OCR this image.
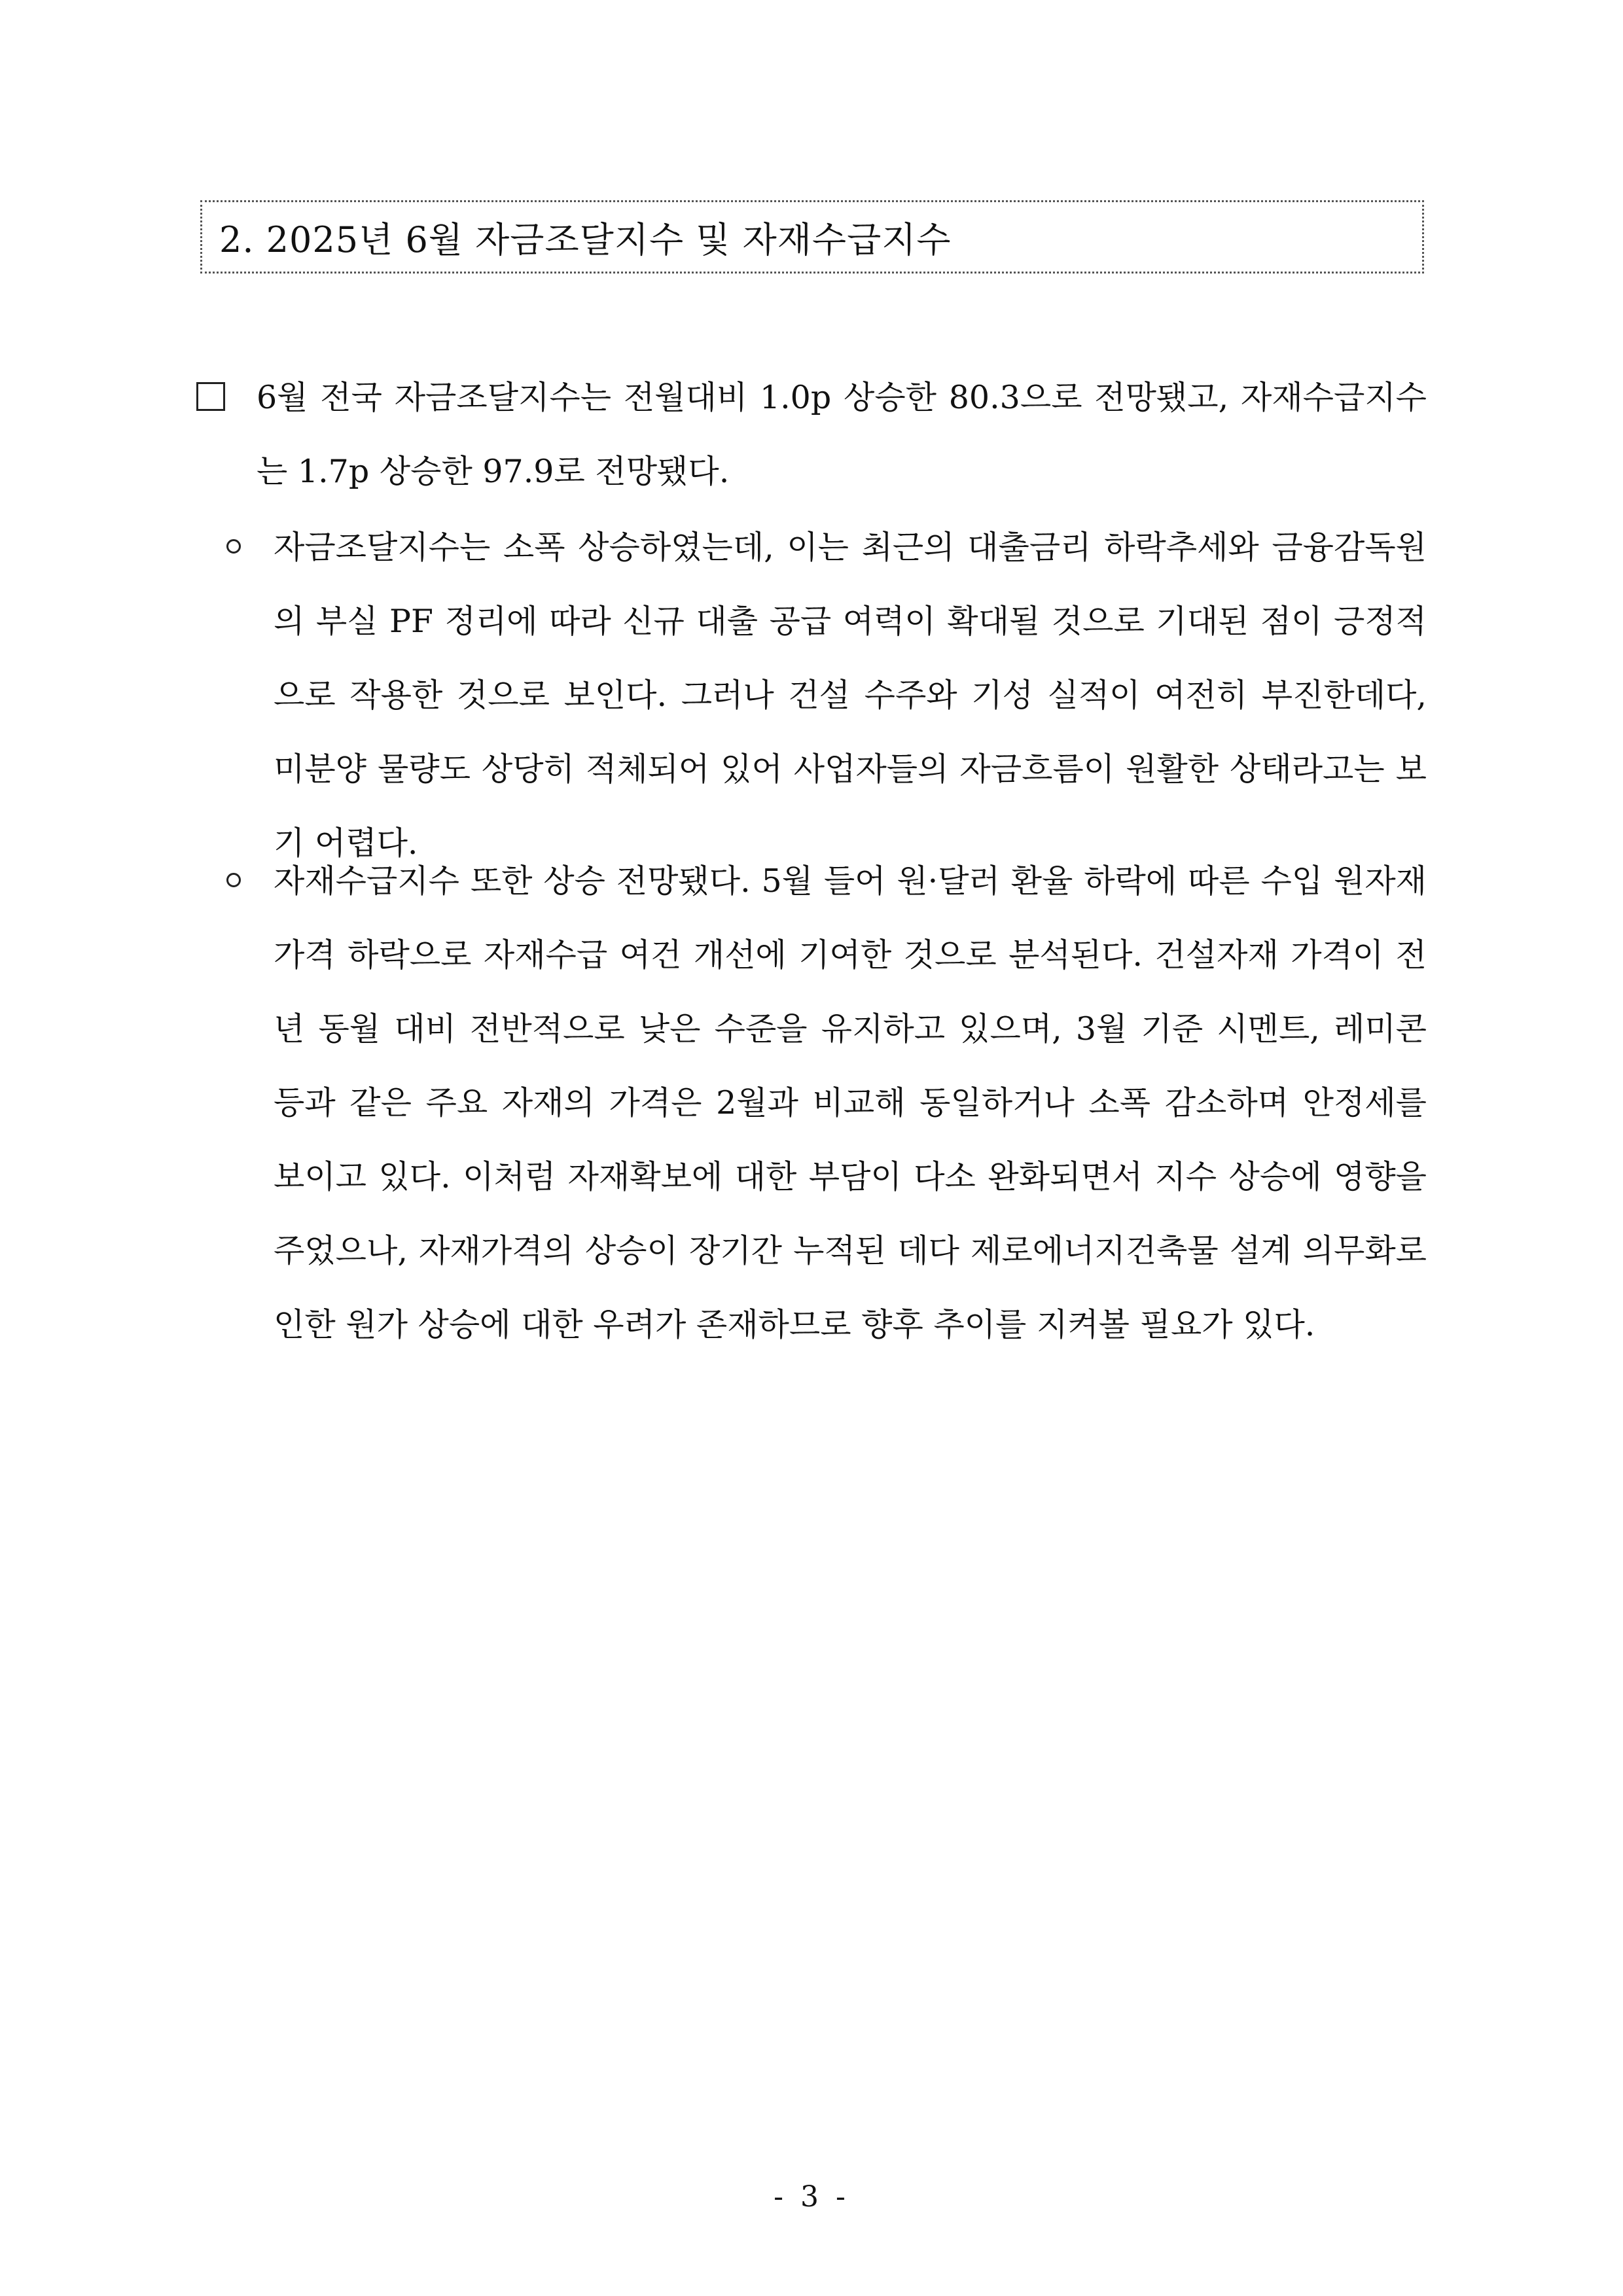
2. 2025년 6월 자금조달지수 및 자재수급지수
6월 전국 자금조달지수는 전월대비 1.0p 상승한 80.3으로 전망됐고, 자재수급지수는 1.7p 상승한 97.9로 전망됐다.
자금조달지수는 소폭 상승하였는데, 이는 최근의 대출금리 하락추세와 금융감독원의 부실 PF 정리에 따라 신규 대출 공급 여력이 확대될 것으로 기대된 점이 긍정적으로 작용한 것으로 보인다. 그러나 건설 수주와 기성 실적이 여전히 부진한데다, 미분양 물량도 상당히 적체되어 있어 사업자들의 자금흐름이 원활한 상태라고는 보기 어렵다.
자재수급지수 또한 상승 전망됐다. 5월 들어 원·달러 환율 하락에 따른 수입 원자재 가격 하락으로 자재수급 여건 개선에 기여한 것으로 분석된다. 건설자재 가격이 전년 동월 대비 전반적으로 낮은 수준을 유지하고 있으며, 3월 기준 시멘트, 레미콘 등과 같은 주요 자재의 가격은 2월과 비교해 동일하거나 소폭 감소하며 안정세를 보이고 있다. 이처럼 자재확보에 대한 부담이 다소 완화되면서 지수 상승에 영향을 주었으나, 자재가격의 상승이 장기간 누적된 데다 제로에너지건축물 설계 의무화로 인한 원가 상승에 대한 우려가 존재하므로 향후 추이를 지켜볼 필요가 있다.
- 3 -
